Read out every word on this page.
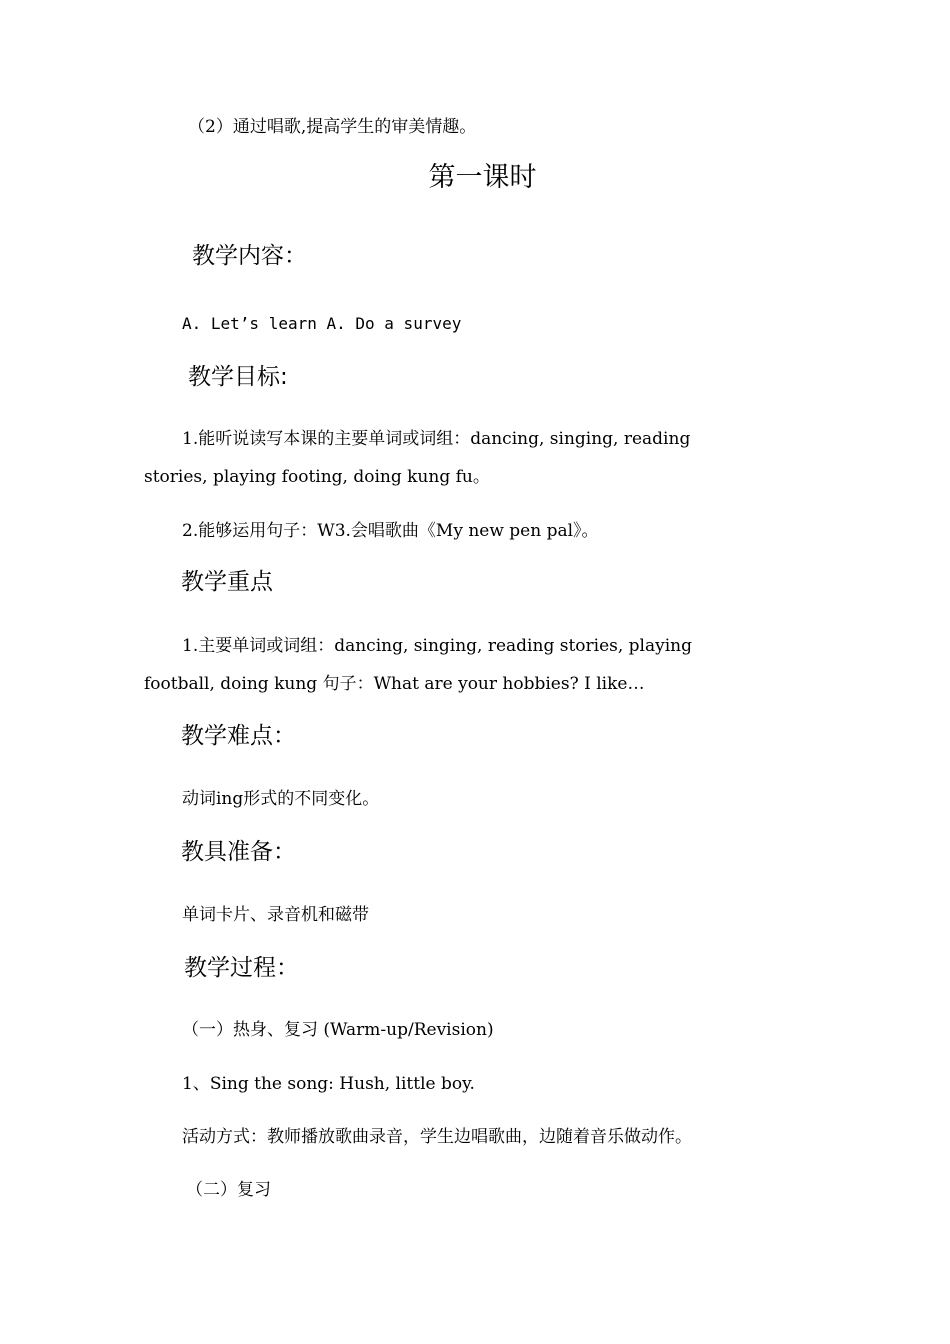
（2）通过唱歌,提高学生的审美情趣。
第一课时
教学内容：
A. Let’s learn A. Do a survey
教学目标:
1.能听说读写本课的主要单词或词组：dancing, singing, reading
stories, playing footing, doing kung fu。
2.能够运用句子：W3.会唱歌曲《My new pen pal》。
教学重点
1.主要单词或词组：dancing, singing, reading stories, playing
football, doing kung 句子：What are your hobbies? I like…
教学难点：
动词ing形式的不同变化。
教具准备：
单词卡片、录音机和磁带
教学过程：
（一）热身、复习 (Warm-up/Revision)
1、Sing the song: Hush, little boy.
活动方式：教师播放歌曲录音，学生边唱歌曲，边随着音乐做动作。
（二）复习
